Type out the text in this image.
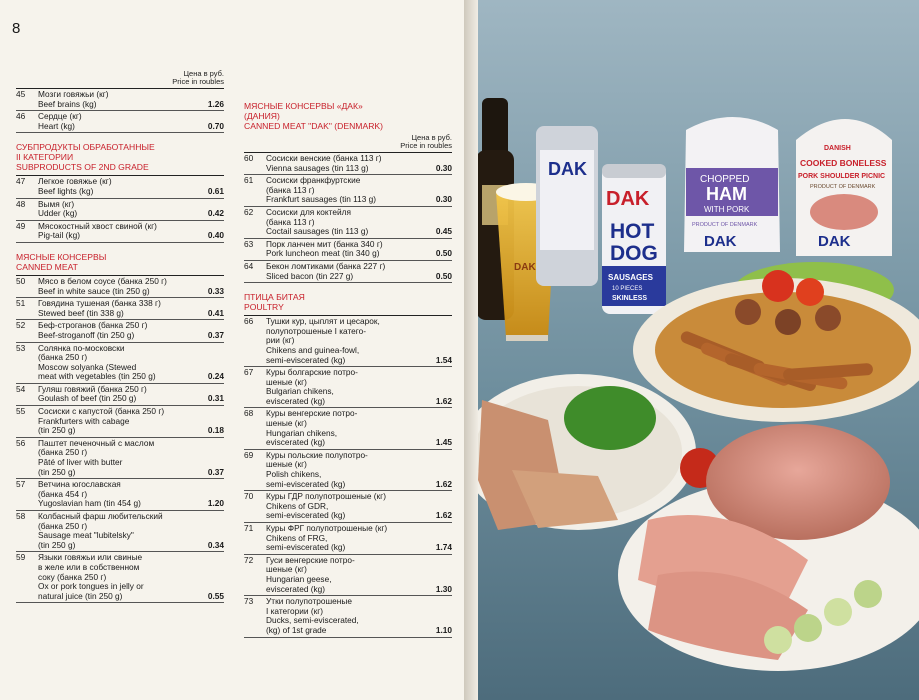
8
Цена в руб.
Price in roubles
45	Мозги говяжьи (кг)
Beef brains (kg)	1.26
46	Сердце (кг)
Heart (kg)	0.70
СУБПРОДУКТЫ ОБРАБОТАННЫЕ
II КАТЕГОРИИ
SUBPRODUCTS OF 2ND GRADE
47	Легкое говяжье (кг)
Beef lights (kg)	0.61
48	Вымя (кг)
Udder (kg)	0.42
49	Мясокостный хвост свиной (кг)
Pig-tail (kg)	0.40
МЯСНЫЕ КОНСЕРВЫ
CANNED MEAT
50	Мясо в белом соусе (банка 250 г)
Beef in white sauce (tin 250 g)	0.33
51	Говядина тушеная (банка 338 г)
Stewed beef (tin 338 g)	0.41
52	Беф-строганов (банка 250 г)
Beef-stroganoff (tin 250 g)	0.37
53	Солянка по-московски
(банка 250 г)
Moscow solyanka (Stewed
meat with vegetables (tin 250 g)	0.24
54	Гуляш говяжий (банка 250 г)
Goulash of beef (tin 250 g)	0.31
55	Сосиски с капустой (банка 250 г)
Frankfurters with cabage
(tin 250 g)	0.18
56	Паштет печеночный с маслом
(банка 250 г)
Pâté of liver with butter
(tin 250 g)	0.37
57	Ветчина югославская
(банка 454 г)
Yugoslavian ham (tin 454 g)	1.20
58	Колбасный фарш любительский
(банка 250 г)
Sausage meat "lubitelsky"
(tin 250 g)	0.34
59	Языки говяжьи или свиные
в желе или в собственном
соку (банка 250 г)
Ox or pork tongues in jelly or
natural juice (tin 250 g)	0.55
МЯСНЫЕ КОНСЕРВЫ «ДАК»
(ДАНИЯ)
CANNED MEAT "DAK" (DENMARK)
Цена в руб.
Price in roubles
60	Сосиски венские (банка 113 г)
Vienna sausages (tin 113 g)	0.30
61	Сосиски франкфуртские
(банка 113 г)
Frankfurt sausages (tin 113 g)	0.30
62	Сосиски для коктейля
(банка 113 г)
Coctail sausages (tin 113 g)	0.45
63	Порк ланчен мит (банка 340 г)
Pork luncheon meat (tin 340 g)	0.50
64	Бекон ломтиками (банка 227 г)
Sliced bacon (tin 227 g)	0.50
ПТИЦА БИТАЯ
POULTRY
66	Тушки кур, цыплят и цесарок,
полупотрошеные I катего-
рии (кг)
Chikens and guinea-fowl,
semi-eviscerated (kg)	1.54
67	Куры болгарские потро-
шеные (кг)
Bulgarian chikens,
eviscerated (kg)	1.62
68	Куры венгерские потро-
шеные (кг)
Hungarian chikens,
eviscerated (kg)	1.45
69	Куры польские полупотро-
шеные (кг)
Polish chikens,
semi-eviscerated (kg)	1.62
70	Куры ГДР полупотрошеные (кг)
Chikens of GDR,
semi-eviscerated (kg)	1.62
71	Куры ФРГ полупотрошеные (кг)
Chikens of FRG,
semi-eviscerated (kg)	1.74
72	Гуси венгерские потро-
шеные (кг)
Hungarian geese,
eviscerated (kg)	1.30
73	Утки полупотрошеные
I категории (кг)
Ducks, semi-eviscerated,
(kg) of 1st grade	1.10
DAK
DAK
DAK
HOT
DOG
SAUSAGES
10 PIECES
SKINLESS
CHOPPED
HAM
WITH PORK
PRODUCT OF DENMARK
DAK
DANISH
COOKED BONELESS
PORK SHOULDER PICNIC
PRODUCT OF DENMARK
DAK
